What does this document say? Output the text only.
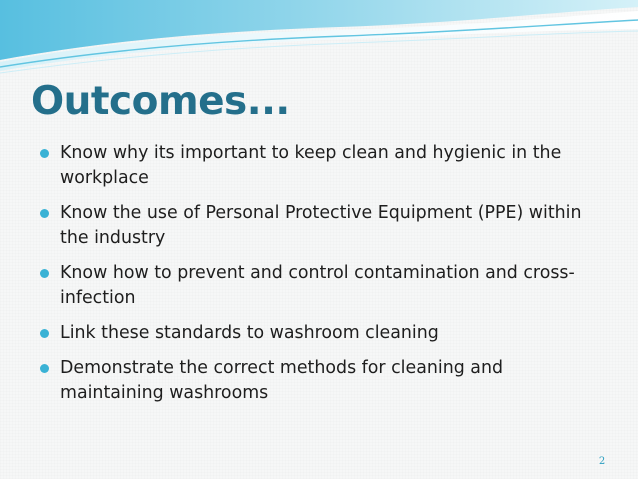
Outcomes...
Know why its important to keep clean and hygienic in the workplace
Know the use of Personal Protective Equipment (PPE) within the industry
Know how to prevent and control contamination and cross-infection
Link these standards to washroom cleaning
Demonstrate the correct methods for cleaning and maintaining washrooms
2
